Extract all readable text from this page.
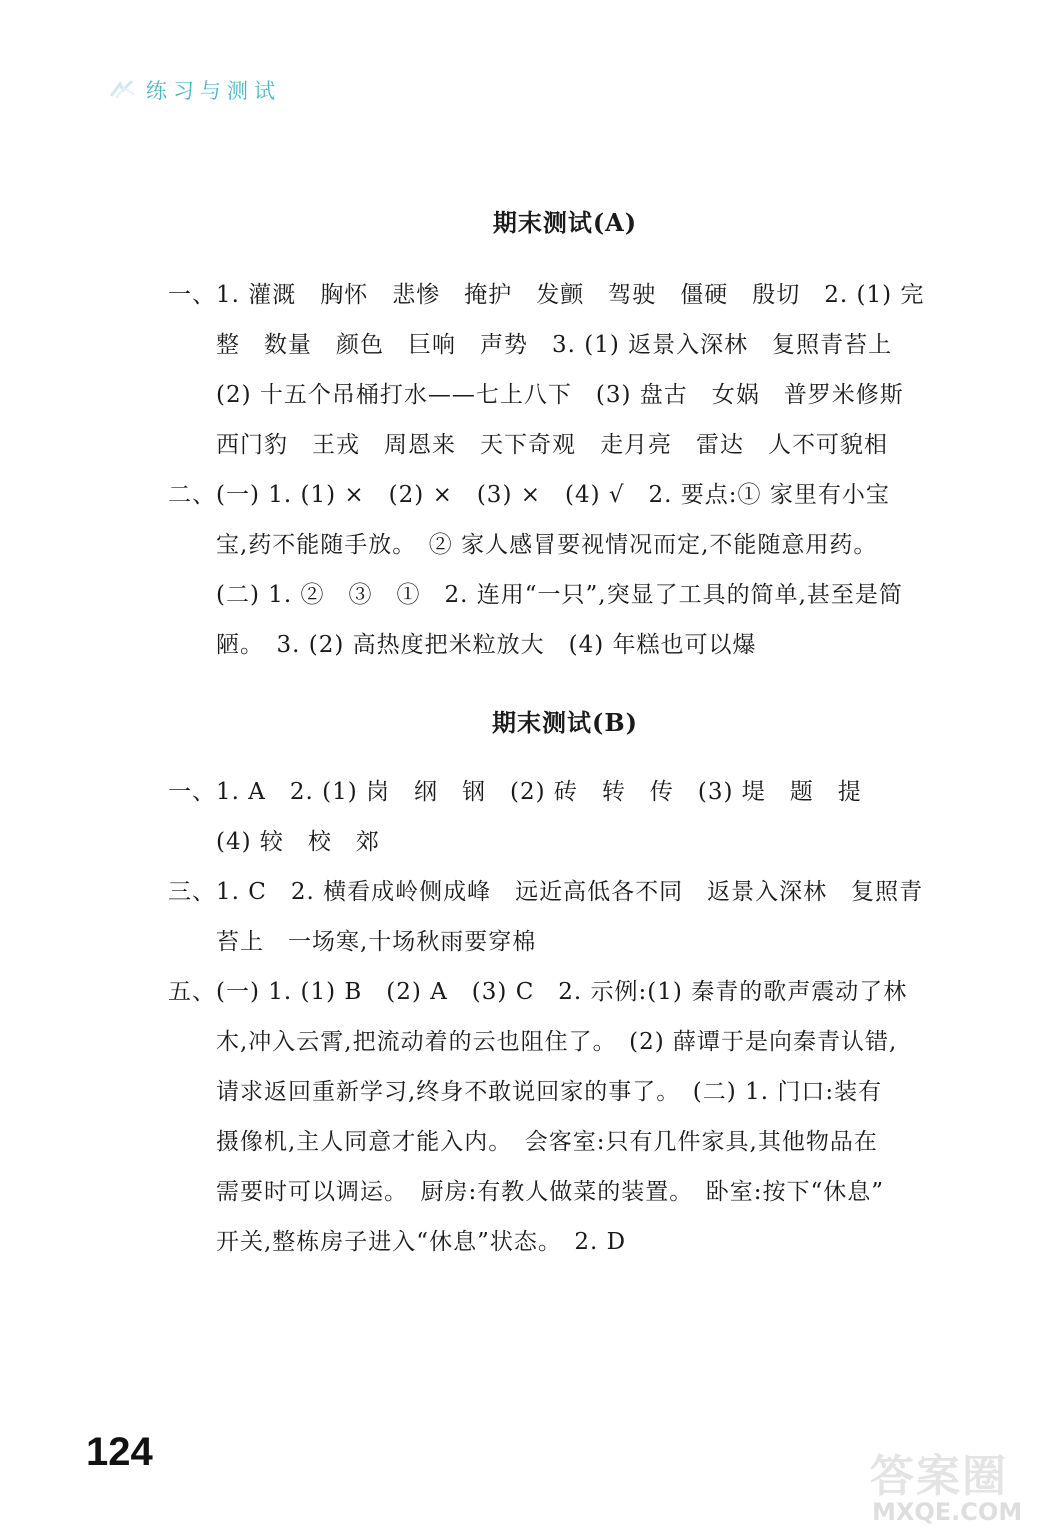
练习与测试
期末测试(A)
一、1. 灌溉　胸怀　悲惨　掩护　发颤　驾驶　僵硬　殷切　2. (1) 完
整　数量　颜色　巨响　声势　3. (1) 返景入深林　复照青苔上
(2) 十五个吊桶打水——七上八下　(3) 盘古　女娲　普罗米修斯
西门豹　王戎　周恩来　天下奇观　走月亮　雷达　人不可貌相
二、(一) 1. (1) ×　(2) ×　(3) ×　(4) √　2. 要点:① 家里有小宝
宝,药不能随手放。　② 家人感冒要视情况而定,不能随意用药。
(二) 1. ②　③　①　2. 连用“一只”,突显了工具的简单,甚至是简
陋。　3. (2) 高热度把米粒放大　(4) 年糕也可以爆
期末测试(B)
一、1. A　2. (1) 岗　纲　钢　(2) 砖　转　传　(3) 堤　题　提
(4) 较　校　郊
三、1. C　2. 横看成岭侧成峰　远近高低各不同　返景入深林　复照青
苔上　一场寒,十场秋雨要穿棉
五、(一) 1. (1) B　(2) A　(3) C　2. 示例:(1) 秦青的歌声震动了林
木,冲入云霄,把流动着的云也阻住了。　(2) 薛谭于是向秦青认错,
请求返回重新学习,终身不敢说回家的事了。　(二) 1. 门口:装有
摄像机,主人同意才能入内。　会客室:只有几件家具,其他物品在
需要时可以调运。　厨房:有教人做菜的装置。　卧室:按下“休息”
开关,整栋房子进入“休息”状态。　2. D
124	答案圈
MXQE.COM
